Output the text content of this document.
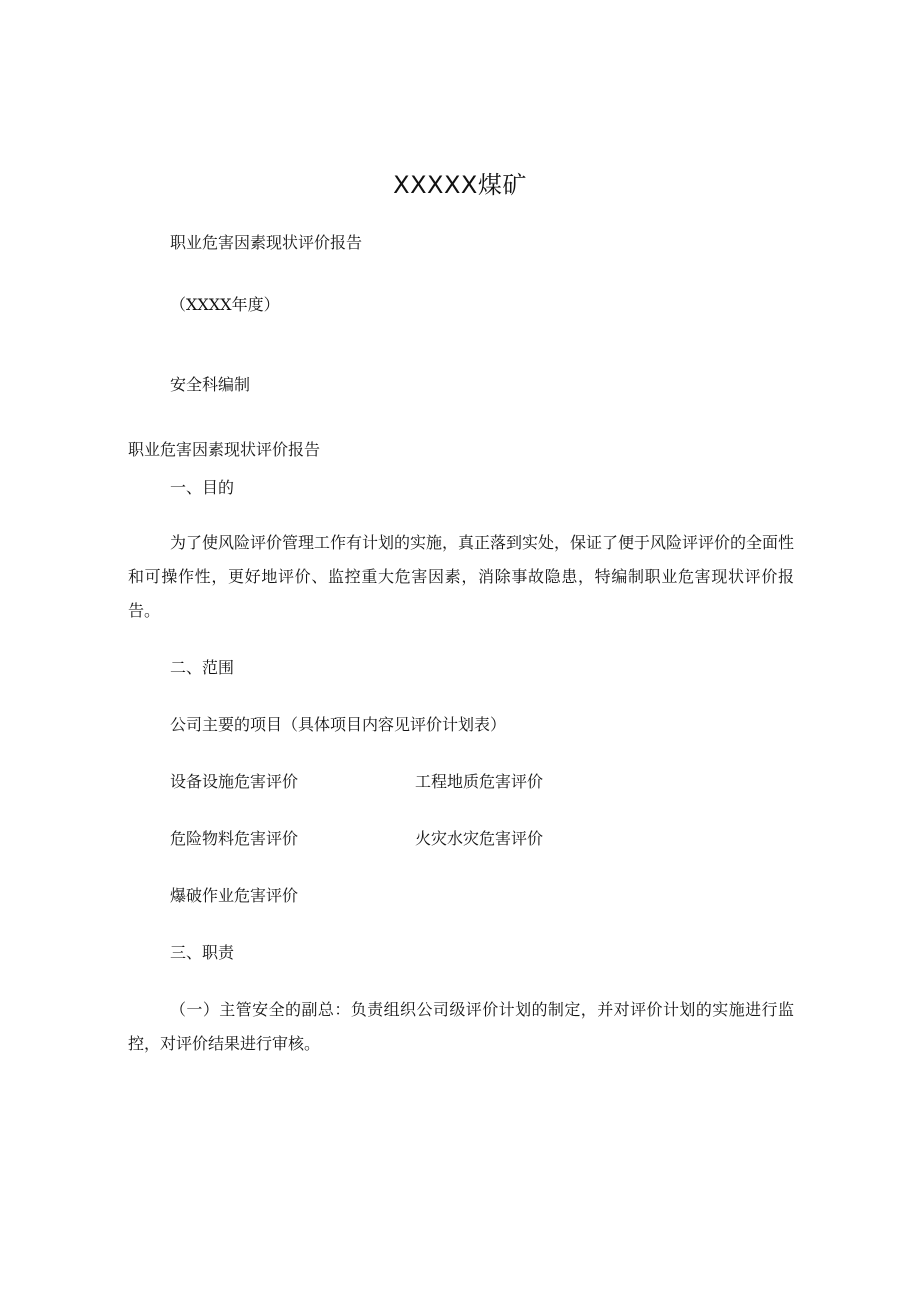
XXXXX煤矿

职业危害因素现状评价报告

（XXXX年度）

安全科编制

职业危害因素现状评价报告

一、目的

为了使风险评价管理工作有计划的实施，真正落到实处，保证了便于风险评评价的全面性和可操作性，更好地评价、监控重大危害因素，消除事故隐患，特编制职业危害现状评价报告。

二、范围

公司主要的项目（具体项目内容见评价计划表）

设备设施危害评价	工程地质危害评价

危险物料危害评价	火灾水灾危害评价

爆破作业危害评价

三、职责

（一）主管安全的副总：负责组织公司级评价计划的制定，并对评价计划的实施进行监控，对评价结果进行审核。
